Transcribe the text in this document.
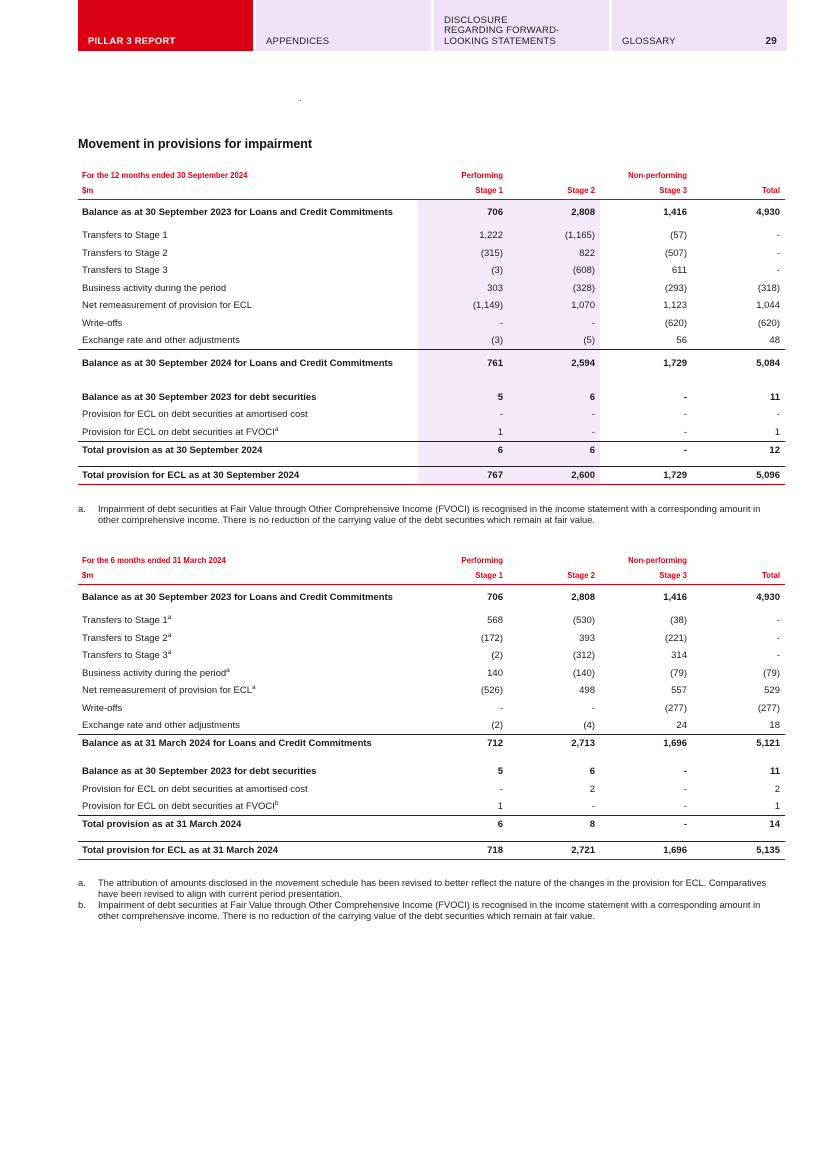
PILLAR 3 REPORT	APPENDICES
DISCLOSURE
REGARDING FORWARD-
LOOKING STATEMENTS	GLOSSARY	29
Movement in provisions for impairment
For the 12 months ended 30 September 2024	Performing		Non-performing	
$m	Stage 1	Stage 2	Stage 3	Total
Balance as at 30 September 2023 for Loans and Credit Commitments	706	2,808	1,416	4,930
Transfers to Stage 1	1,222	(1,165)	(57)	-
Transfers to Stage 2	(315)	822	(507)	-
Transfers to Stage 3	(3)	(608)	611	-
Business activity during the period	303	(328)	(293)	(318)
Net remeasurement of provision for ECL	(1,149)	1,070	1,123	1,044
Write-offs	-	-	(620)	(620)
Exchange rate and other adjustments	(3)	(5)	56	48
Balance as at 30 September 2024 for Loans and Credit Commitments	761	2,594	1,729	5,084

Balance as at 30 September 2023 for debt securities	5	6	-	11
Provision for ECL on debt securities at amortised cost	-	-	-	-
Provision for ECL on debt securities at FVOCI$^a$	1	-	-	1
Total provision as at 30 September 2024	6	6	-	12

Total provision for ECL as at 30 September 2024	767	2,600	1,729	5,096
a.	Impairment of debt securities at Fair Value through Other Comprehensive Income (FVOCI) is recognised in the income statement with a corresponding amount in other comprehensive income. There is no reduction of the carrying value of the debt securities which remain at fair value.
For the 6 months ended 31 March 2024	Performing		Non-performing	
$m	Stage 1	Stage 2	Stage 3	Total
Balance as at 30 September 2023 for Loans and Credit Commitments	706	2,808	1,416	4,930
Transfers to Stage 1$^a$	568	(530)	(38)	-
Transfers to Stage 2$^a$	(172)	393	(221)	-
Transfers to Stage 3$^a$	(2)	(312)	314	-
Business activity during the period$^a$	140	(140)	(79)	(79)
Net remeasurement of provision for ECL$^a$	(526)	498	557	529
Write-offs	-	-	(277)	(277)
Exchange rate and other adjustments	(2)	(4)	24	18
Balance as at 31 March 2024 for Loans and Credit Commitments	712	2,713	1,696	5,121

Balance as at 30 September 2023 for debt securities	5	6	-	11
Provision for ECL on debt securities at amortised cost	-	2	-	2
Provision for ECL on debt securities at FVOCI$^b$	1	-	-	1
Total provision as at 31 March 2024	6	8	-	14

Total provision for ECL as at 31 March 2024	718	2,721	1,696	5,135
a.	The attribution of amounts disclosed in the movement schedule has been revised to better reflect the nature of the changes in the provision for ECL. Comparatives have been revised to align with current period presentation.
b.	Impairment of debt securities at Fair Value through Other Comprehensive Income (FVOCI) is recognised in the income statement with a corresponding amount in other comprehensive income. There is no reduction of the carrying value of the debt securities which remain at fair value.
